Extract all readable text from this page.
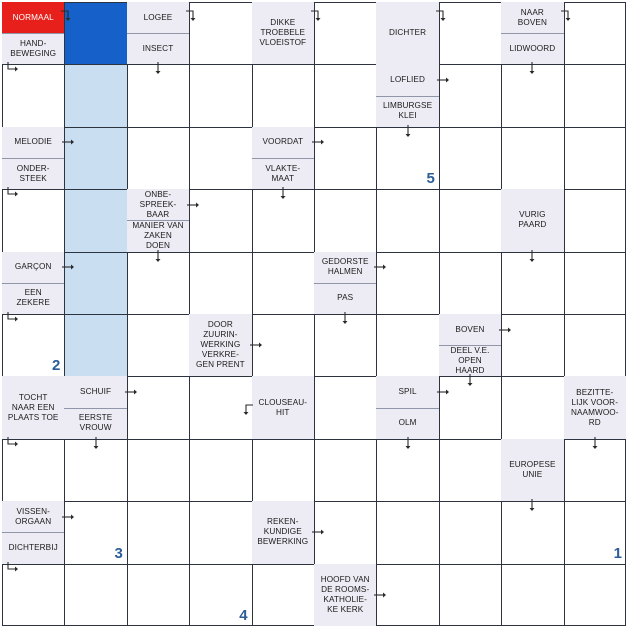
NORMAAL
HAND-
BEWEGING
LOGEE
INSECT
DIKKE
TROEBELE
VLOEISTOF
DICHTER
NAAR
BOVEN
LIDWOORD
LOFLIED
LIMBURGSE
KLEI
MELODIE
ONDER-
STEEK
VOORDAT
VLAKTE-
MAAT	5
ONBE-
SPREEK-
BAAR
MANIER VAN
ZAKEN
DOEN
VURIG
PAARD
GARÇON
EEN
ZEKERE
GEDORSTE
HALMEN
PAS
2
DOOR
ZUURIN-
WERKING
VERKRE-
GEN PRENT
BOVEN
DEEL V.E.
OPEN
HAARD
TOCHT
NAAR EEN
PLAATS TOE
SCHUIF
EERSTE
VROUW
CLOUSEAU-
HIT
SPIL
OLM
BEZITTE-
LIJK VOOR-
NAAMWOO-
RD
EUROPESE
UNIE
VISSEN-
ORGAAN
DICHTERBIJ	3
REKEN-
KUNDIGE
BEWERKING
1
4
HOOFD VAN
DE ROOMS-
KATHOLIE-
KE KERK
